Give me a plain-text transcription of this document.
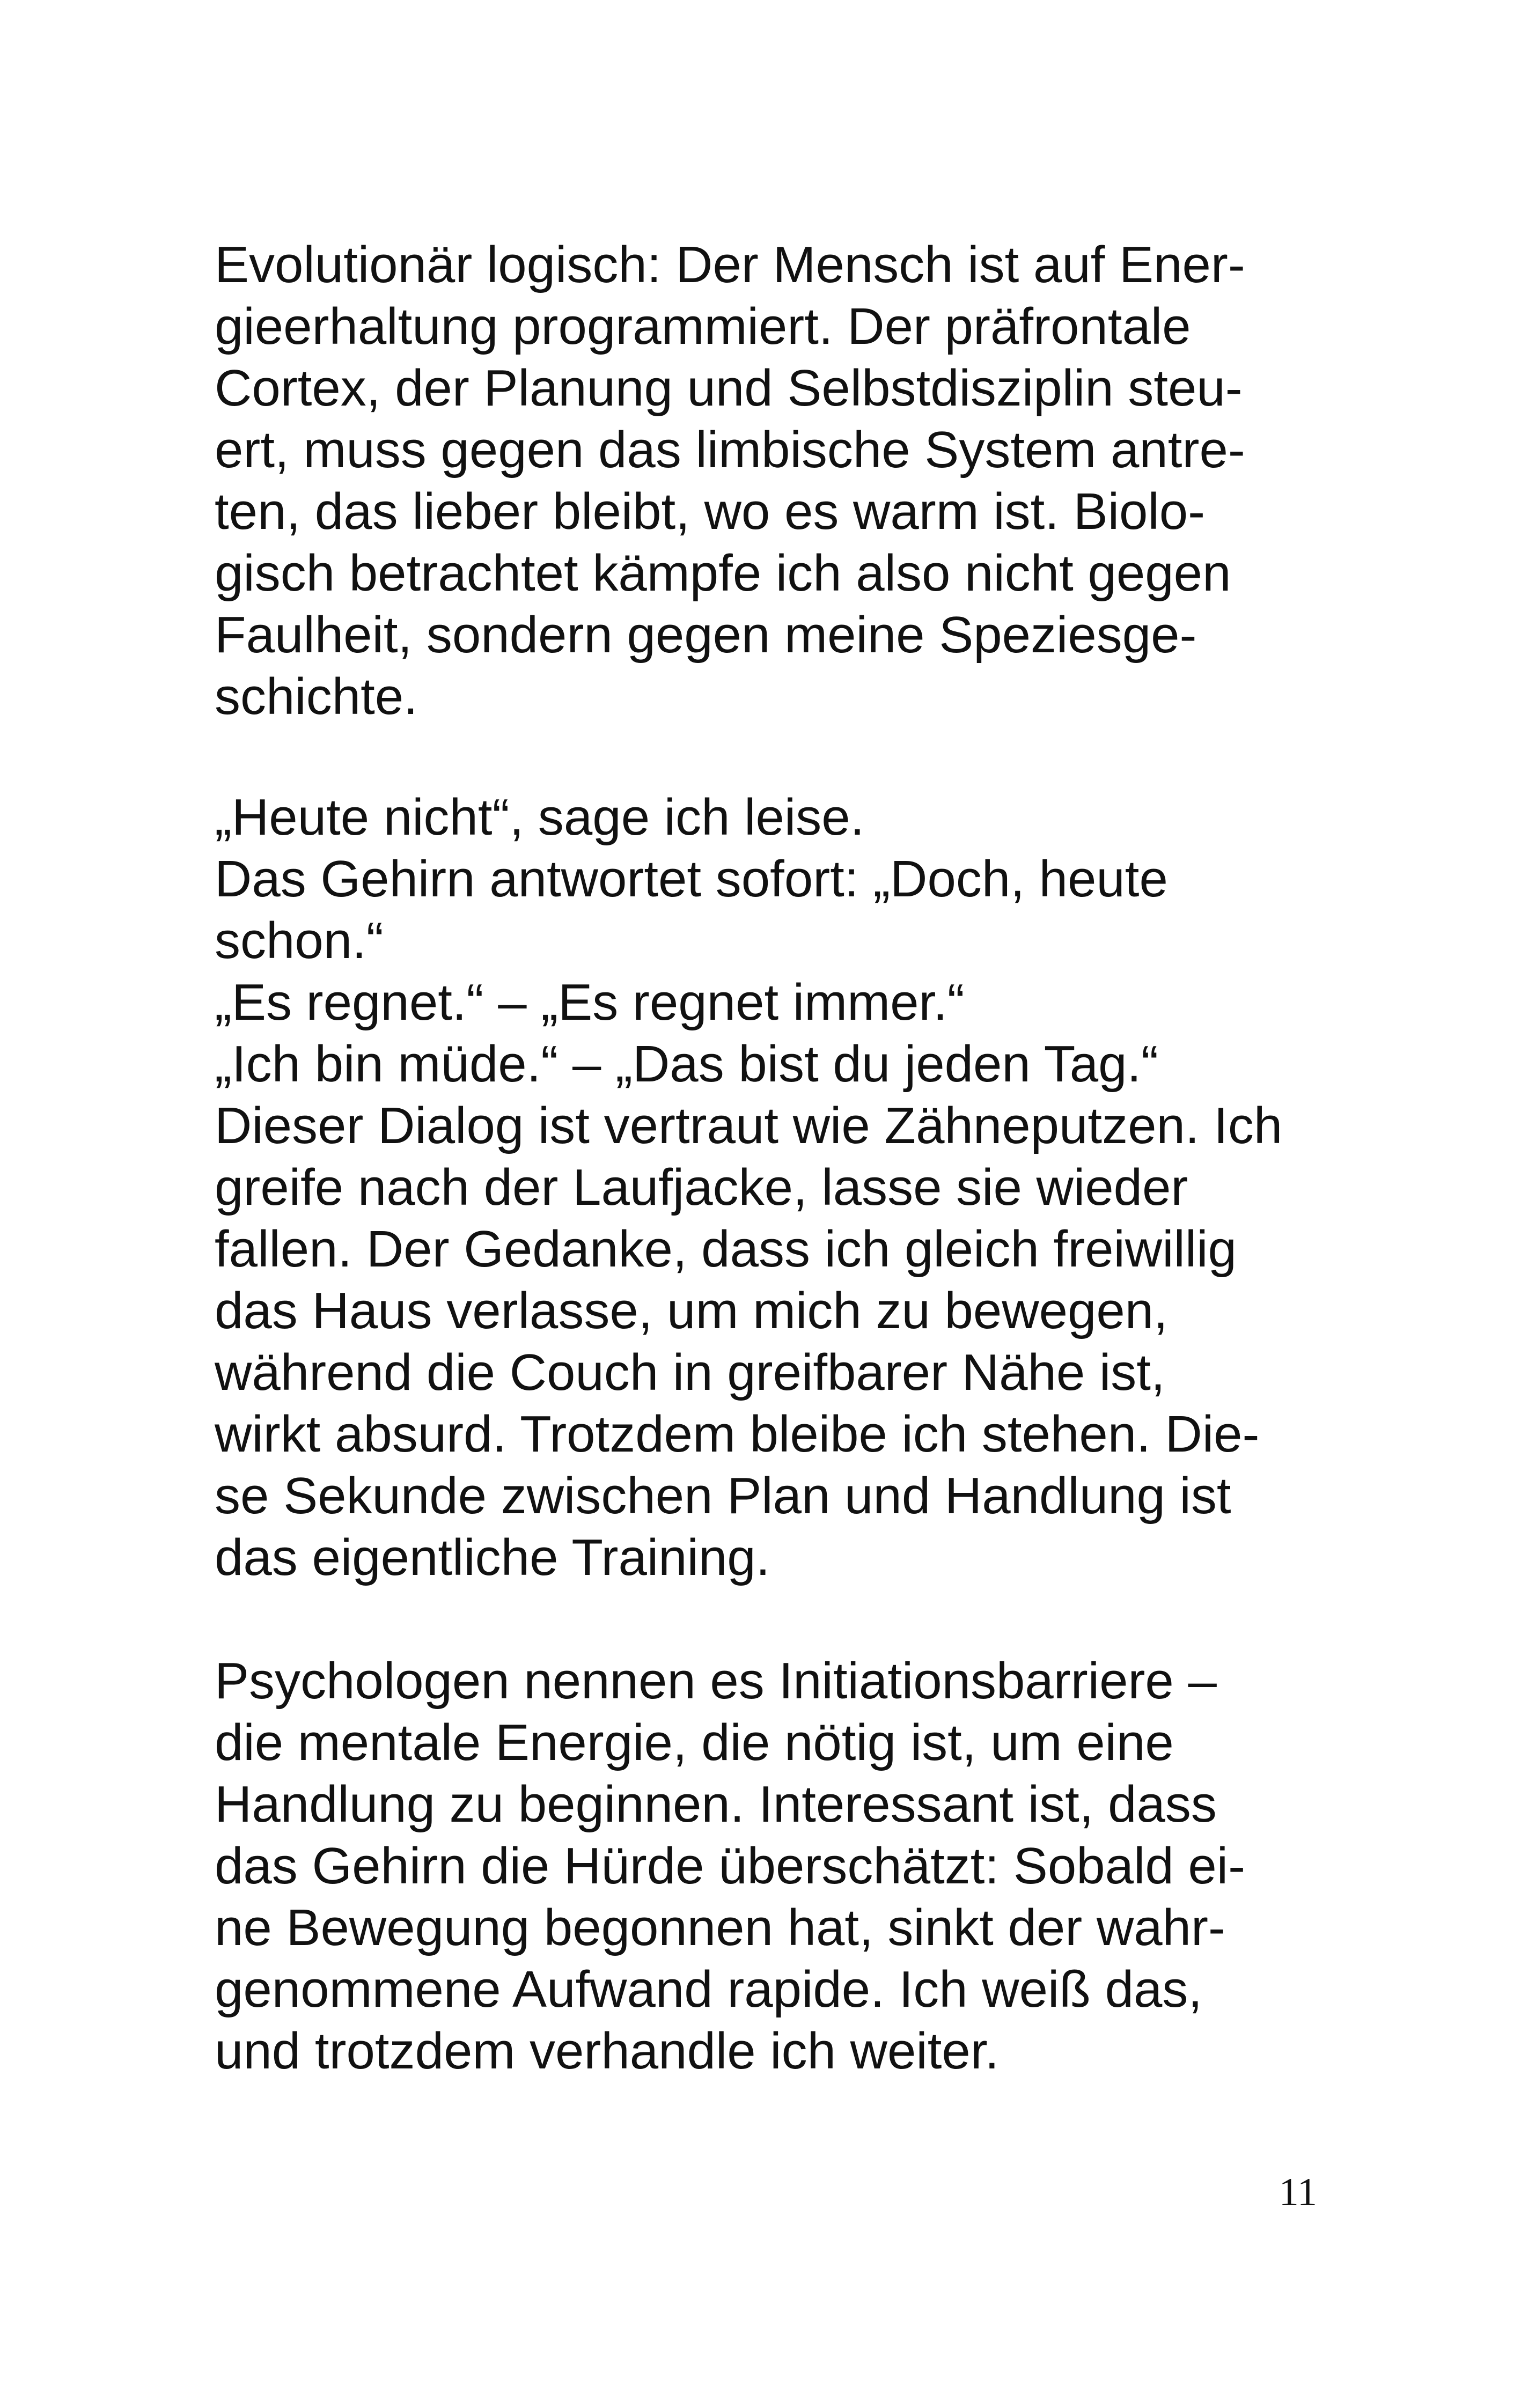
Evolutionär logisch: Der Mensch ist auf Ener-
gieerhaltung programmiert. Der präfrontale
Cortex, der Planung und Selbstdisziplin steu-
ert, muss gegen das limbische System antre-
ten, das lieber bleibt, wo es warm ist. Biolo-
gisch betrachtet kämpfe ich also nicht gegen
Faulheit, sondern gegen meine Speziesge-
schichte.

„Heute nicht“, sage ich leise.
Das Gehirn antwortet sofort: „Doch, heute
schon.“
„Es regnet.“ – „Es regnet immer.“
„Ich bin müde.“ – „Das bist du jeden Tag.“
Dieser Dialog ist vertraut wie Zähneputzen. Ich
greife nach der Laufjacke, lasse sie wieder
fallen. Der Gedanke, dass ich gleich freiwillig
das Haus verlasse, um mich zu bewegen,
während die Couch in greifbarer Nähe ist,
wirkt absurd. Trotzdem bleibe ich stehen. Die-
se Sekunde zwischen Plan und Handlung ist
das eigentliche Training.

Psychologen nennen es Initiationsbarriere –
die mentale Energie, die nötig ist, um eine
Handlung zu beginnen. Interessant ist, dass
das Gehirn die Hürde überschätzt: Sobald ei-
ne Bewegung begonnen hat, sinkt der wahr-
genommene Aufwand rapide. Ich weiß das,
und trotzdem verhandle ich weiter.

11
